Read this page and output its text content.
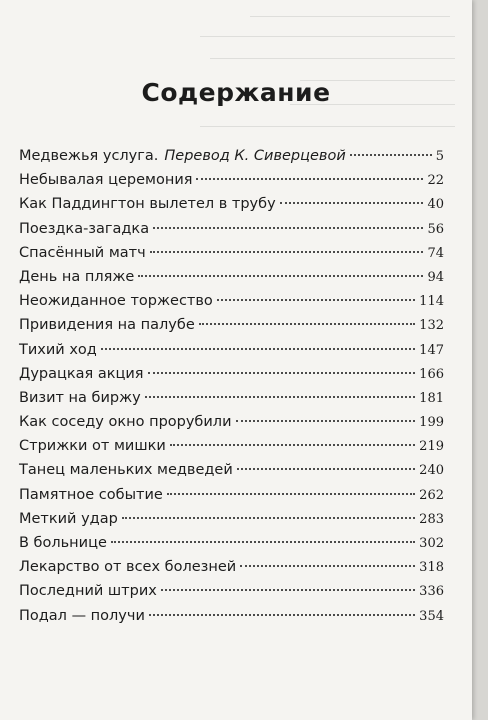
Содержание
Медвежья услуга. Перевод К. Сиверцевой	5
Небывалая церемония	22
Как Паддингтон вылетел в трубу	40
Поездка-загадка	56
Спасённый матч	74
День на пляже	94
Неожиданное торжество	114
Привидения на палубе	132
Тихий ход	147
Дурацкая акция	166
Визит на биржу	181
Как соседу окно прорубили	199
Стрижки от мишки	219
Танец маленьких медведей	240
Памятное событие	262
Меткий удар	283
В больнице	302
Лекарство от всех болезней	318
Последний штрих	336
Подал — получи	354
